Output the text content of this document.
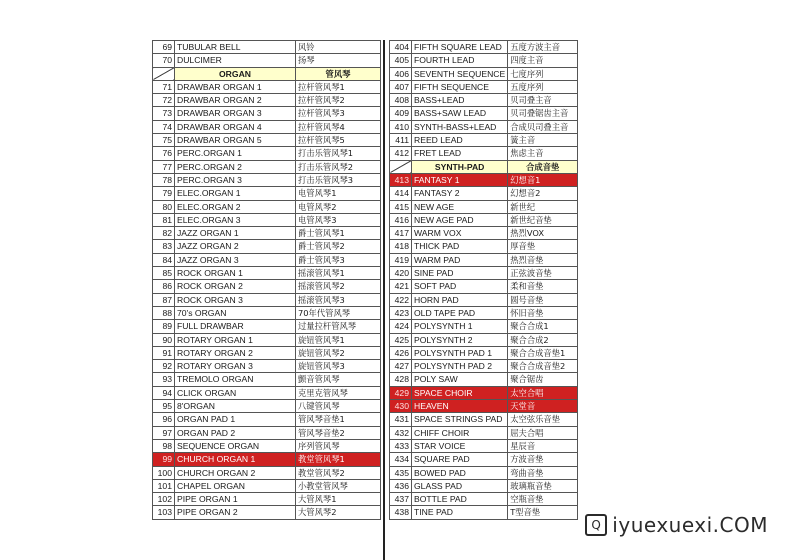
69	TUBULAR BELL	风铃
70	DULCIMER	扬琴
	ORGAN	管风琴
71	DRAWBAR ORGAN 1	拉杆管风琴1
72	DRAWBAR ORGAN 2	拉杆管风琴2
73	DRAWBAR ORGAN 3	拉杆管风琴3
74	DRAWBAR ORGAN 4	拉杆管风琴4
75	DRAWBAR ORGAN 5	拉杆管风琴5
76	PERC.ORGAN 1	打击乐管风琴1
77	PERC.ORGAN 2	打击乐管风琴2
78	PERC.ORGAN 3	打击乐管风琴3
79	ELEC.ORGAN 1	电管风琴1
80	ELEC.ORGAN 2	电管风琴2
81	ELEC.ORGAN 3	电管风琴3
82	JAZZ ORGAN 1	爵士管风琴1
83	JAZZ ORGAN 2	爵士管风琴2
84	JAZZ ORGAN 3	爵士管风琴3
85	ROCK ORGAN 1	摇滚管风琴1
86	ROCK ORGAN 2	摇滚管风琴2
87	ROCK ORGAN 3	摇滚管风琴3
88	70's ORGAN	70年代管风琴
89	FULL DRAWBAR	过量拉杆管风琴
90	ROTARY ORGAN 1	旋钮管风琴1
91	ROTARY ORGAN 2	旋钮管风琴2
92	ROTARY ORGAN 3	旋钮管风琴3
93	TREMOLO ORGAN	颤音管风琴
94	CLICK ORGAN	克里克管风琴
95	8'ORGAN	八键管风琴
96	ORGAN PAD 1	管风琴音垫1
97	ORGAN PAD 2	管风琴音垫2
98	SEQUENCE ORGAN	序列管风琴
99	CHURCH ORGAN 1	教堂管风琴1
100	CHURCH ORGAN 2	教堂管风琴2
101	CHAPEL ORGAN	小教堂管风琴
102	PIPE ORGAN 1	大管风琴1
103	PIPE ORGAN 2	大管风琴2
404	FIFTH SQUARE LEAD	五度方波主音
405	FOURTH LEAD	四度主音
406	SEVENTH SEQUENCE	七度序列
407	FIFTH SEQUENCE	五度序列
408	BASS+LEAD	贝司叠主音
409	BASS+SAW LEAD	贝司叠锯齿主音
410	SYNTH-BASS+LEAD	合成贝司叠主音
411	REED LEAD	簧主音
412	FRET LEAD	焦虑主音
	SYNTH-PAD	合成音垫
413	FANTASY 1	幻想音1
414	FANTASY 2	幻想音2
415	NEW AGE	新世纪
416	NEW AGE PAD	新世纪音垫
417	WARM VOX	热烈VOX
418	THICK PAD	厚音垫
419	WARM PAD	热烈音垫
420	SINE PAD	正弦波音垫
421	SOFT PAD	柔和音垫
422	HORN PAD	圆号音垫
423	OLD TAPE PAD	怀旧音垫
424	POLYSYNTH 1	聚合合成1
425	POLYSYNTH 2	聚合合成2
426	POLYSYNTH PAD 1	聚合合成音垫1
427	POLYSYNTH PAD 2	聚合合成音垫2
428	POLY SAW	聚合锯齿
429	SPACE CHOIR	太空合唱
430	HEAVEN	天堂音
431	SPACE STRINGS PAD	太空弦乐音垫
432	CHIFF CHOIR	屈夫合唱
433	STAR VOICE	星辰音
434	SQUARE PAD	方波音垫
435	BOWED PAD	弯曲音垫
436	GLASS PAD	玻璃瓶音垫
437	BOTTLE PAD	空瓶音垫
438	TINE PAD	T型音垫
Q iyuexuexi.COM
